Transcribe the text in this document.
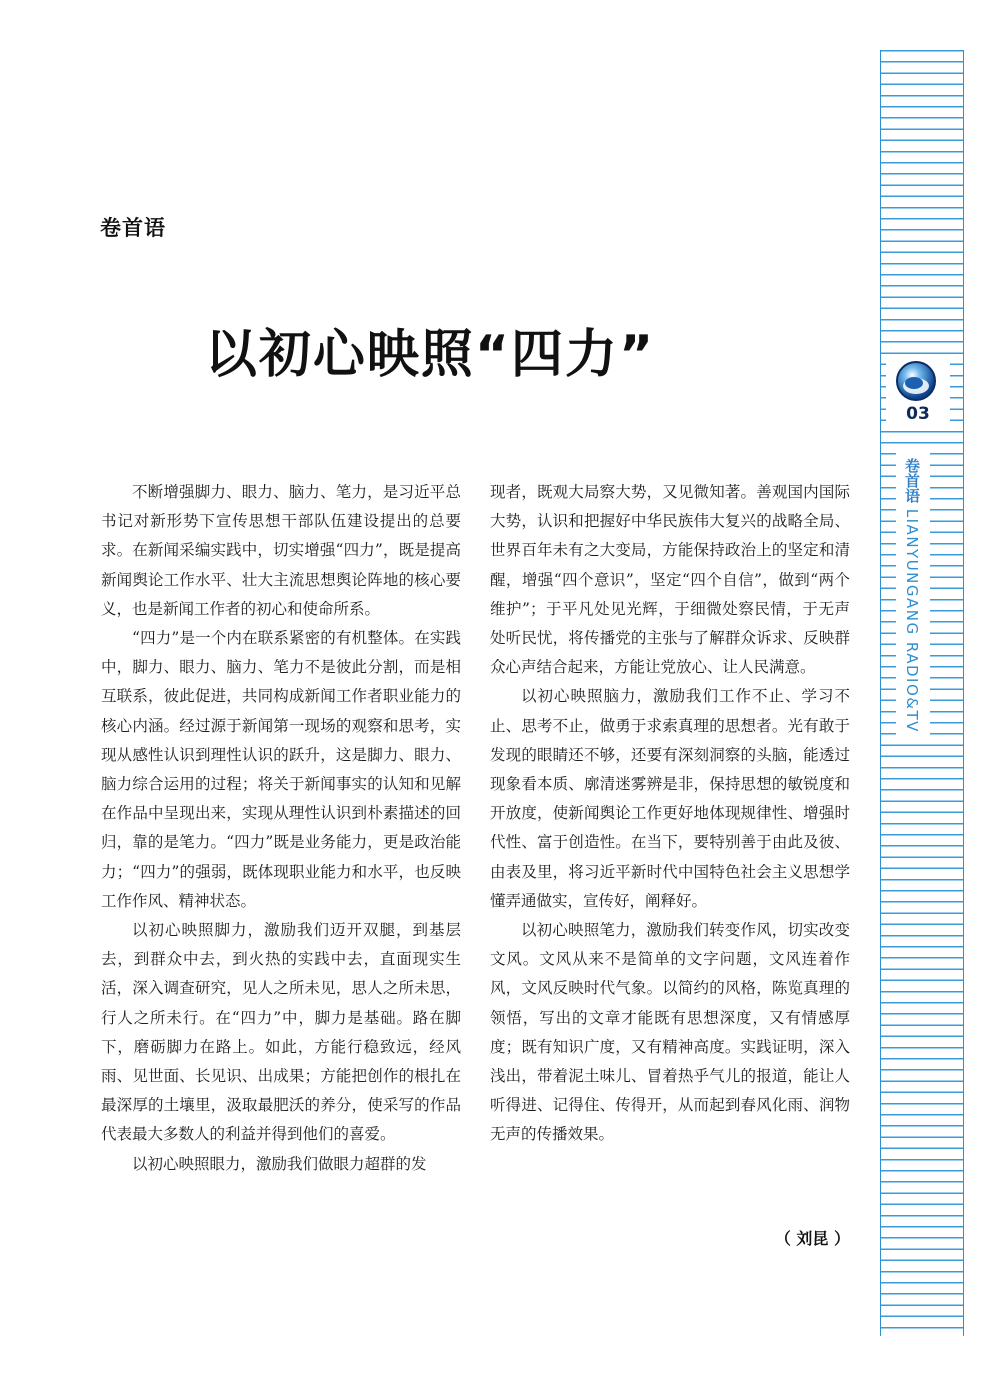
卷首语
以初心映照“四力”

不断增强脚力、眼力、脑力、笔力，是习近平总书记对新形势下宣传思想干部队伍建设提出的总要求。在新闻采编实践中，切实增强“四力”，既是提高新闻舆论工作水平、壮大主流思想舆论阵地的核心要义，也是新闻工作者的初心和使命所系。

“四力”是一个内在联系紧密的有机整体。在实践中，脚力、眼力、脑力、笔力不是彼此分割，而是相互联系，彼此促进，共同构成新闻工作者职业能力的核心内涵。经过源于新闻第一现场的观察和思考，实现从感性认识到理性认识的跃升，这是脚力、眼力、脑力综合运用的过程；将关于新闻事实的认知和见解在作品中呈现出来，实现从理性认识到朴素描述的回归，靠的是笔力。“四力”既是业务能力，更是政治能力；“四力”的强弱，既体现职业能力和水平，也反映工作作风、精神状态。

以初心映照脚力，激励我们迈开双腿，到基层去，到群众中去，到火热的实践中去，直面现实生活，深入调查研究，见人之所未见，思人之所未思，行人之所未行。在“四力”中，脚力是基础。路在脚下，磨砺脚力在路上。如此，方能行稳致远，经风雨、见世面、长见识、出成果；方能把创作的根扎在最深厚的土壤里，汲取最肥沃的养分，使采写的作品代表最大多数人的利益并得到他们的喜爱。

以初心映照眼力，激励我们做眼力超群的发

现者，既观大局察大势，又见微知著。善观国内国际大势，认识和把握好中华民族伟大复兴的战略全局、世界百年未有之大变局，方能保持政治上的坚定和清醒，增强“四个意识”，坚定“四个自信”，做到“两个维护”；于平凡处见光辉，于细微处察民情，于无声处听民忧，将传播党的主张与了解群众诉求、反映群众心声结合起来，方能让党放心、让人民满意。

以初心映照脑力，激励我们工作不止、学习不止、思考不止，做勇于求索真理的思想者。光有敢于发现的眼睛还不够，还要有深刻洞察的头脑，能透过现象看本质、廓清迷雾辨是非，保持思想的敏锐度和开放度，使新闻舆论工作更好地体现规律性、增强时代性、富于创造性。在当下，要特别善于由此及彼、由表及里，将习近平新时代中国特色社会主义思想学懂弄通做实，宣传好，阐释好。

以初心映照笔力，激励我们转变作风，切实改变文风。文风从来不是简单的文字问题，文风连着作风，文风反映时代气象。以简约的风格，陈览真理的领悟，写出的文章才能既有思想深度，又有情感厚度；既有知识广度，又有精神高度。实践证明，深入浅出，带着泥土味儿、冒着热乎气儿的报道，能让人听得进、记得住、传得开，从而起到春风化雨、润物无声的传播效果。

（ 刘昆 ）
03
卷首语 LIANYUNGANG RADIO&TV
